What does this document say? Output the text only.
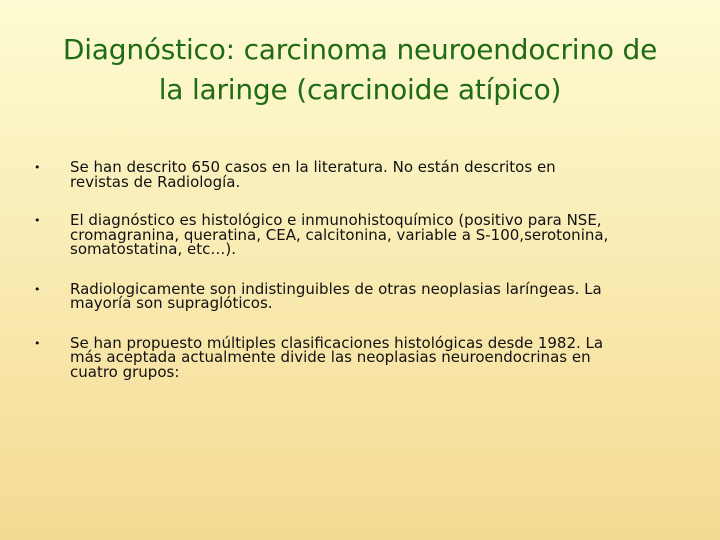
Diagnóstico: carcinoma neuroendocrino de
la laringe (carcinoide atípico)
•	Se han descrito 650 casos en la literatura. No están descritos en
revistas de Radiología.
•	El diagnóstico es histológico e inmunohistoquímico (positivo para NSE,
cromagranina, queratina, CEA, calcitonina, variable a S-100,serotonina,
somatostatina, etc…).
•	Radiologicamente son indistinguibles de otras neoplasias laríngeas. La
mayoría son supraglóticos.
•	Se han propuesto múltiples clasificaciones histológicas desde 1982. La
más aceptada actualmente divide las neoplasias neuroendocrinas en
cuatro grupos:
